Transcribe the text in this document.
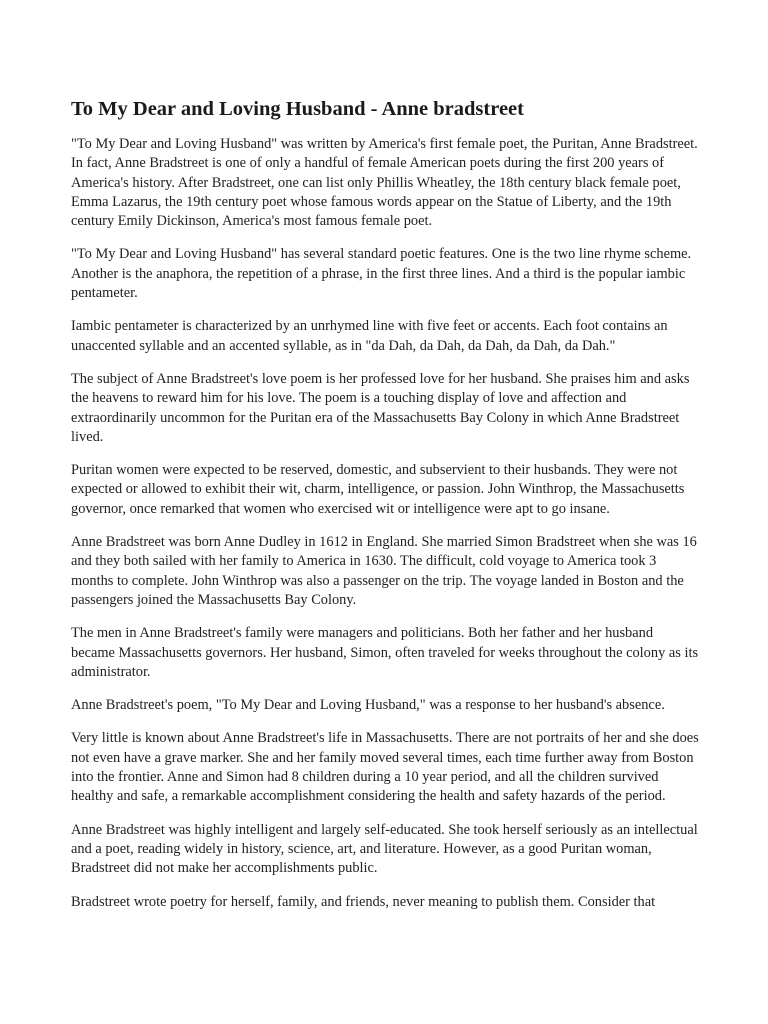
To My Dear and Loving Husband - Anne bradstreet

"To My Dear and Loving Husband" was written by America's first female poet, the Puritan, Anne Bradstreet. In fact, Anne Bradstreet is one of only a handful of female American poets during the first 200 years of America's history. After Bradstreet, one can list only Phillis Wheatley, the 18th century black female poet, Emma Lazarus, the 19th century poet whose famous words appear on the Statue of Liberty, and the 19th century Emily Dickinson, America's most famous female poet.

"To My Dear and Loving Husband" has several standard poetic features. One is the two line rhyme scheme. Another is the anaphora, the repetition of a phrase, in the first three lines. And a third is the popular iambic pentameter.

Iambic pentameter is characterized by an unrhymed line with five feet or accents. Each foot contains an unaccented syllable and an accented syllable, as in "da Dah, da Dah, da Dah, da Dah, da Dah."

The subject of Anne Bradstreet's love poem is her professed love for her husband. She praises him and asks the heavens to reward him for his love. The poem is a touching display of love and affection and extraordinarily uncommon for the Puritan era of the Massachusetts Bay Colony in which Anne Bradstreet lived.

Puritan women were expected to be reserved, domestic, and subservient to their husbands. They were not expected or allowed to exhibit their wit, charm, intelligence, or passion. John Winthrop, the Massachusetts governor, once remarked that women who exercised wit or intelligence were apt to go insane.

Anne Bradstreet was born Anne Dudley in 1612 in England. She married Simon Bradstreet when she was 16 and they both sailed with her family to America in 1630. The difficult, cold voyage to America took 3 months to complete. John Winthrop was also a passenger on the trip. The voyage landed in Boston and the passengers joined the Massachusetts Bay Colony.

The men in Anne Bradstreet's family were managers and politicians. Both her father and her husband became Massachusetts governors. Her husband, Simon, often traveled for weeks throughout the colony as its administrator.

Anne Bradstreet's poem, "To My Dear and Loving Husband," was a response to her husband's absence.

Very little is known about Anne Bradstreet's life in Massachusetts. There are not portraits of her and she does not even have a grave marker. She and her family moved several times, each time further away from Boston into the frontier. Anne and Simon had 8 children during a 10 year period, and all the children survived healthy and safe, a remarkable accomplishment considering the health and safety hazards of the period.

Anne Bradstreet was highly intelligent and largely self-educated. She took herself seriously as an intellectual and a poet, reading widely in history, science, art, and literature. However, as a good Puritan woman, Bradstreet did not make her accomplishments public.

Bradstreet wrote poetry for herself, family, and friends, never meaning to publish them. Consider that
